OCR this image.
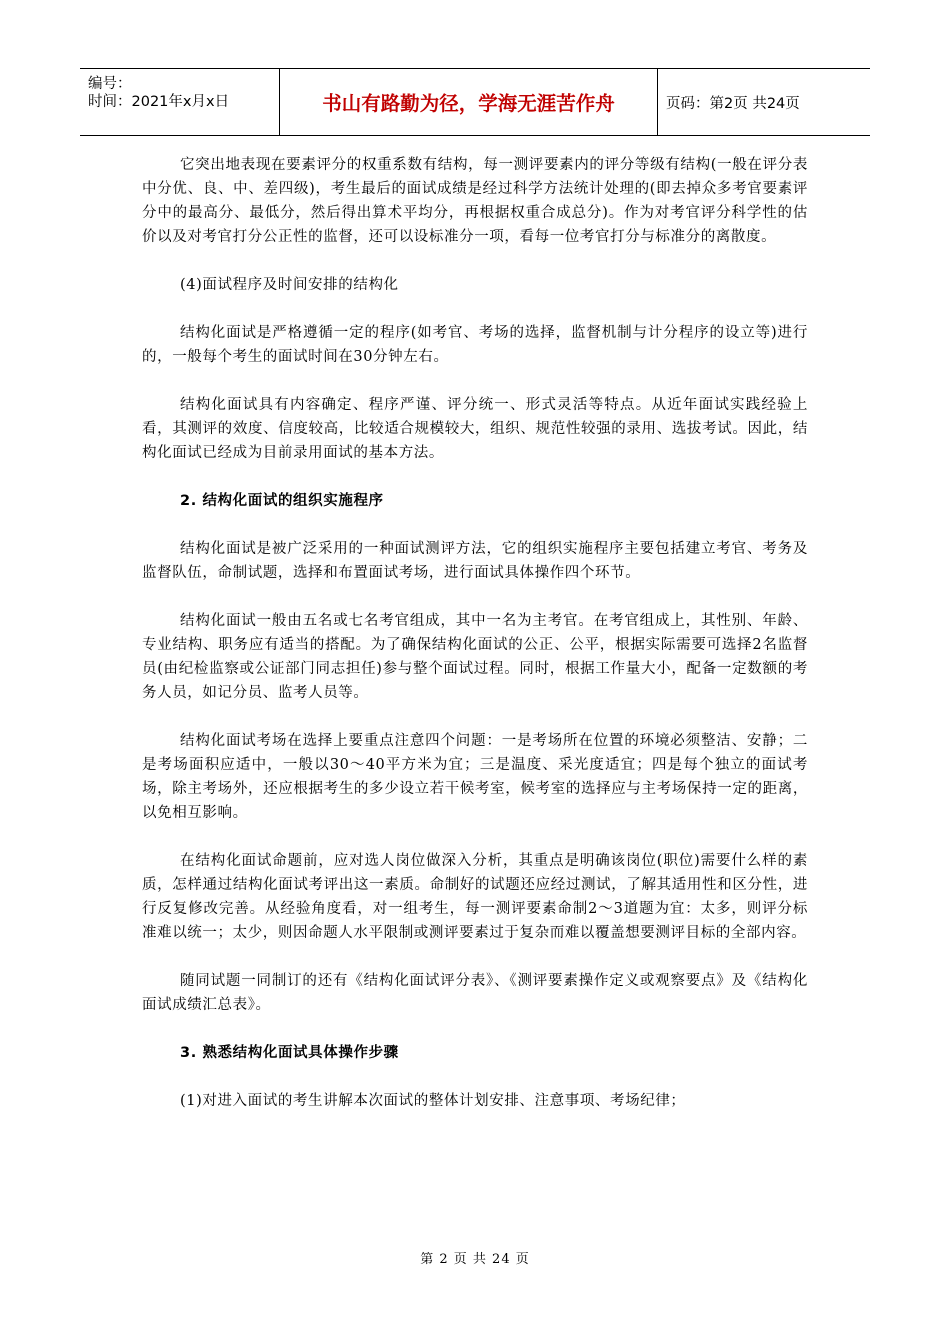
编号：
时间：2021年x月x日	书山有路勤为径，学海无涯苦作舟	页码：第2页 共24页

它突出地表现在要素评分的权重系数有结构，每一测评要素内的评分等级有结构(一般在评分表中分优、良、中、差四级)，考生最后的面试成绩是经过科学方法统计处理的(即去掉众多考官要素评分中的最高分、最低分，然后得出算术平均分，再根据权重合成总分)。作为对考官评分科学性的估价以及对考官打分公正性的监督，还可以设标准分一项，看每一位考官打分与标准分的离散度。

(4)面试程序及时间安排的结构化

结构化面试是严格遵循一定的程序(如考官、考场的选择，监督机制与计分程序的设立等)进行的，一般每个考生的面试时间在30分钟左右。

结构化面试具有内容确定、程序严谨、评分统一、形式灵活等特点。从近年面试实践经验上看，其测评的效度、信度较高，比较适合规模较大，组织、规范性较强的录用、选拔考试。因此，结构化面试已经成为目前录用面试的基本方法。

2. 结构化面试的组织实施程序

结构化面试是被广泛采用的一种面试测评方法，它的组织实施程序主要包括建立考官、考务及监督队伍，命制试题，选择和布置面试考场，进行面试具体操作四个环节。

结构化面试一般由五名或七名考官组成，其中一名为主考官。在考官组成上，其性别、年龄、专业结构、职务应有适当的搭配。为了确保结构化面试的公正、公平，根据实际需要可选择2名监督员(由纪检监察或公证部门同志担任)参与整个面试过程。同时，根据工作量大小，配备一定数额的考务人员，如记分员、监考人员等。

结构化面试考场在选择上要重点注意四个问题：一是考场所在位置的环境必须整洁、安静；二是考场面积应适中，一般以30～40平方米为宜；三是温度、采光度适宜；四是每个独立的面试考场，除主考场外，还应根据考生的多少设立若干候考室，候考室的选择应与主考场保持一定的距离，以免相互影响。

在结构化面试命题前，应对选人岗位做深入分析，其重点是明确该岗位(职位)需要什么样的素质，怎样通过结构化面试考评出这一素质。命制好的试题还应经过测试，了解其适用性和区分性，进行反复修改完善。从经验角度看，对一组考生，每一测评要素命制2～3道题为宜：太多，则评分标准难以统一；太少，则因命题人水平限制或测评要素过于复杂而难以覆盖想要测评目标的全部内容。

随同试题一同制订的还有《结构化面试评分表》、《测评要素操作定义或观察要点》及《结构化面试成绩汇总表》。

3. 熟悉结构化面试具体操作步骤

(1)对进入面试的考生讲解本次面试的整体计划安排、注意事项、考场纪律；

第 2 页 共 24 页
